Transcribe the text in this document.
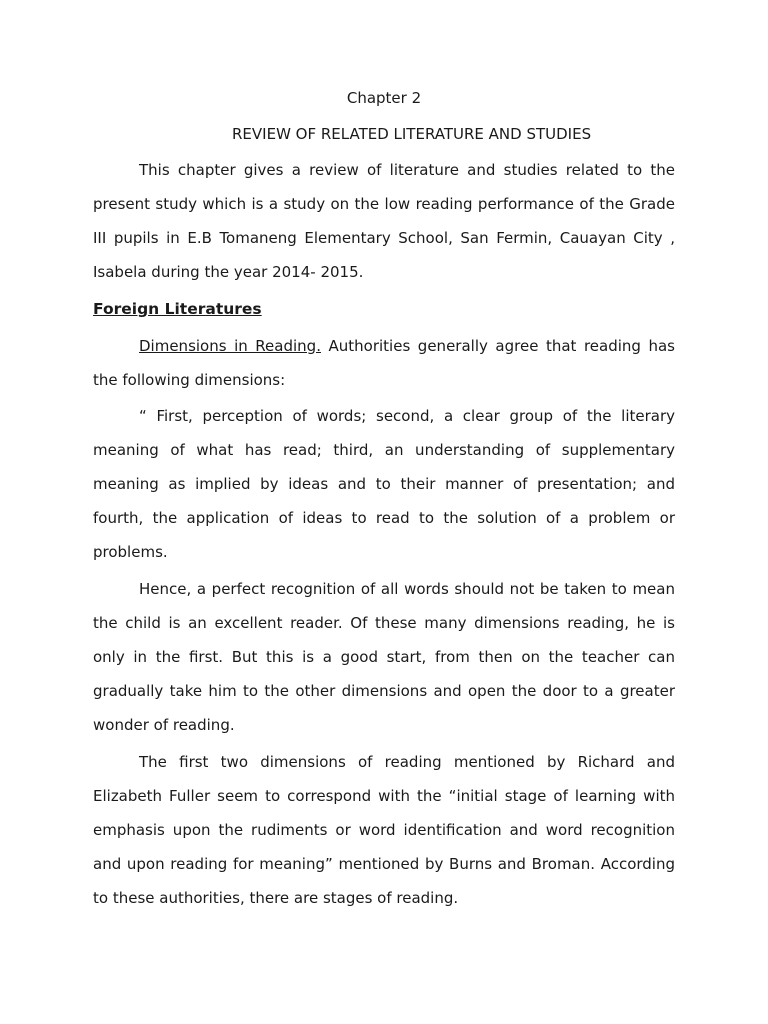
Chapter 2
REVIEW OF RELATED LITERATURE AND STUDIES
This chapter gives a review of literature and studies related to the present study which is a study on the low reading performance of the Grade III pupils in E.B Tomaneng Elementary School, San Fermin, Cauayan City , Isabela during the year 2014- 2015.
Foreign Literatures
Dimensions in Reading. Authorities generally agree that reading has the following dimensions:
“ First, perception of words; second, a clear group of the literary meaning of what has read; third, an understanding of supplementary meaning as implied by ideas and to their manner of presentation; and fourth, the application of ideas to read to the solution of a problem or problems.
Hence, a perfect recognition of all words should not be taken to mean the child is an excellent reader. Of these many dimensions reading, he is only in the first. But this is a good start, from then on the teacher can gradually take him to the other dimensions and open the door to a greater wonder of reading.
The first two dimensions of reading mentioned by Richard and Elizabeth Fuller seem to correspond with the “initial stage of learning with emphasis upon the rudiments or word identification and word recognition and upon reading for meaning” mentioned by Burns and Broman. According to these authorities, there are stages of reading.
